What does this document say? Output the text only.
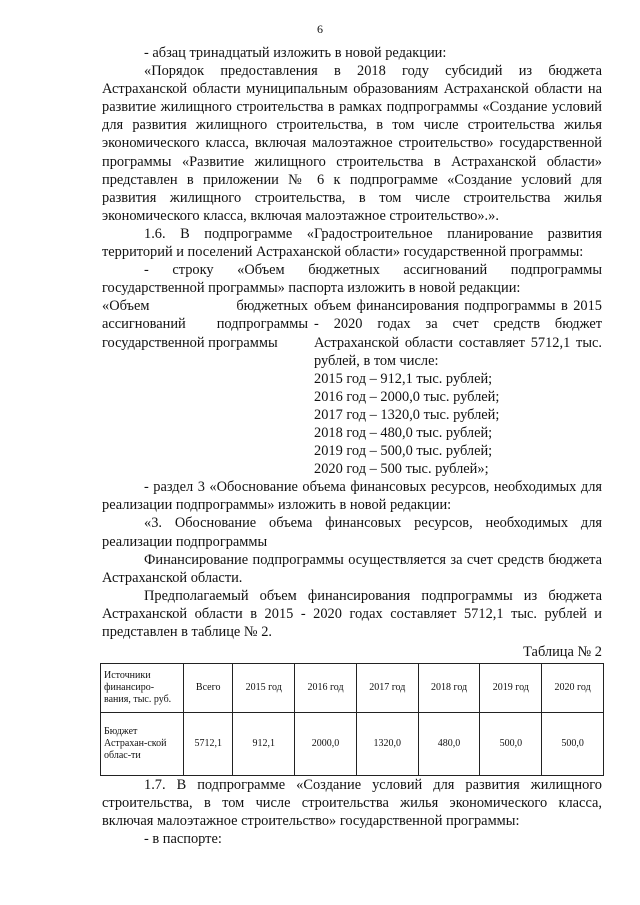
6

- абзац тринадцатый изложить в новой редакции:

«Порядок предоставления в 2018 году субсидий из бюджета Астраханской области муниципальным образованиям Астраханской области на развитие жилищного строительства в рамках подпрограммы «Создание условий для развития жилищного строительства, в том числе строительства жилья экономического класса, включая малоэтажное строительство» государственной программы «Развитие жилищного строительства в Астраханской области» представлен в приложении № 6 к подпрограмме «Создание условий для развития жилищного строительства, в том числе строительства жилья экономического класса, включая малоэтажное строительство».».

1.6. В подпрограмме «Градостроительное планирование развития территорий и поселений Астраханской области» государственной программы:

- строку «Объем бюджетных ассигнований подпрограммы государственной программы» паспорта изложить в новой редакции:

«Объем бюджетных ассигнований подпрограммы государственной программы
объем финансирования подпрограммы в 2015 - 2020 годах за счет средств бюджет Астраханской области составляет 5712,1 тыс. рублей, в том числе:
2015 год – 912,1 тыс. рублей;
2016 год – 2000,0 тыс. рублей;
2017 год – 1320,0 тыс. рублей;
2018 год – 480,0 тыс. рублей;
2019 год – 500,0 тыс. рублей;
2020 год – 500 тыс. рублей»;

- раздел 3 «Обоснование объема финансовых ресурсов, необходимых для реализации подпрограммы» изложить в новой редакции:

«3. Обоснование объема финансовых ресурсов, необходимых для реализации подпрограммы

Финансирование подпрограммы осуществляется за счет средств бюджета Астраханской области.

Предполагаемый объем финансирования подпрограммы из бюджета Астраханской области в 2015 - 2020 годах составляет 5712,1 тыс. рублей и представлен в таблице № 2.

Таблица № 2
Источники финансиро-вания, тыс. руб.	Всего	2015 год	2016 год	2017 год	2018 год	2019 год	2020 год
Бюджет Астрахан-ской облас-ти	5712,1	912,1	2000,0	1320,0	480,0	500,0	500,0

1.7. В подпрограмме «Создание условий для развития жилищного строительства, в том числе строительства жилья экономического класса, включая малоэтажное строительство» государственной программы:

- в паспорте:
